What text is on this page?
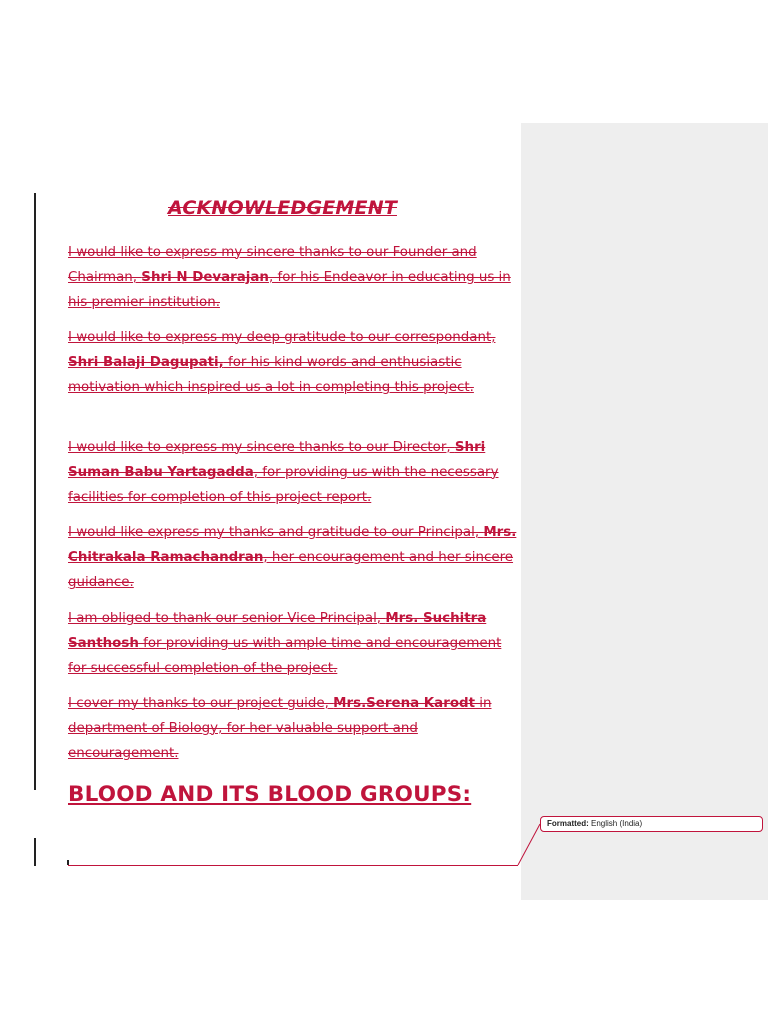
ACKNOWLEDGEMENT

I would like to express my sincere thanks to our Founder and Chairman, Shri N Devarajan, for his Endeavor in educating us in his premier institution.

I would like to express my deep gratitude to our correspondant, Shri Balaji Dagupati, for his kind words and enthusiastic motivation which inspired us a lot in completing this project.

I would like to express my sincere thanks to our Director, Shri Suman Babu Yartagadda, for providing us with the necessary facilities for completion of this project report.

I would like express my thanks and gratitude to our Principal, Mrs. Chitrakala Ramachandran, her encouragement and her sincere guidance.

I am obliged to thank our senior Vice Principal, Mrs. Suchitra Santhosh for providing us with ample time and encouragement for successful completion of the project.

I cover my thanks to our project guide, Mrs.Serena Karodt in department of Biology, for her valuable support and encouragement.

BLOOD AND ITS BLOOD GROUPS:
Formatted: English (India)
